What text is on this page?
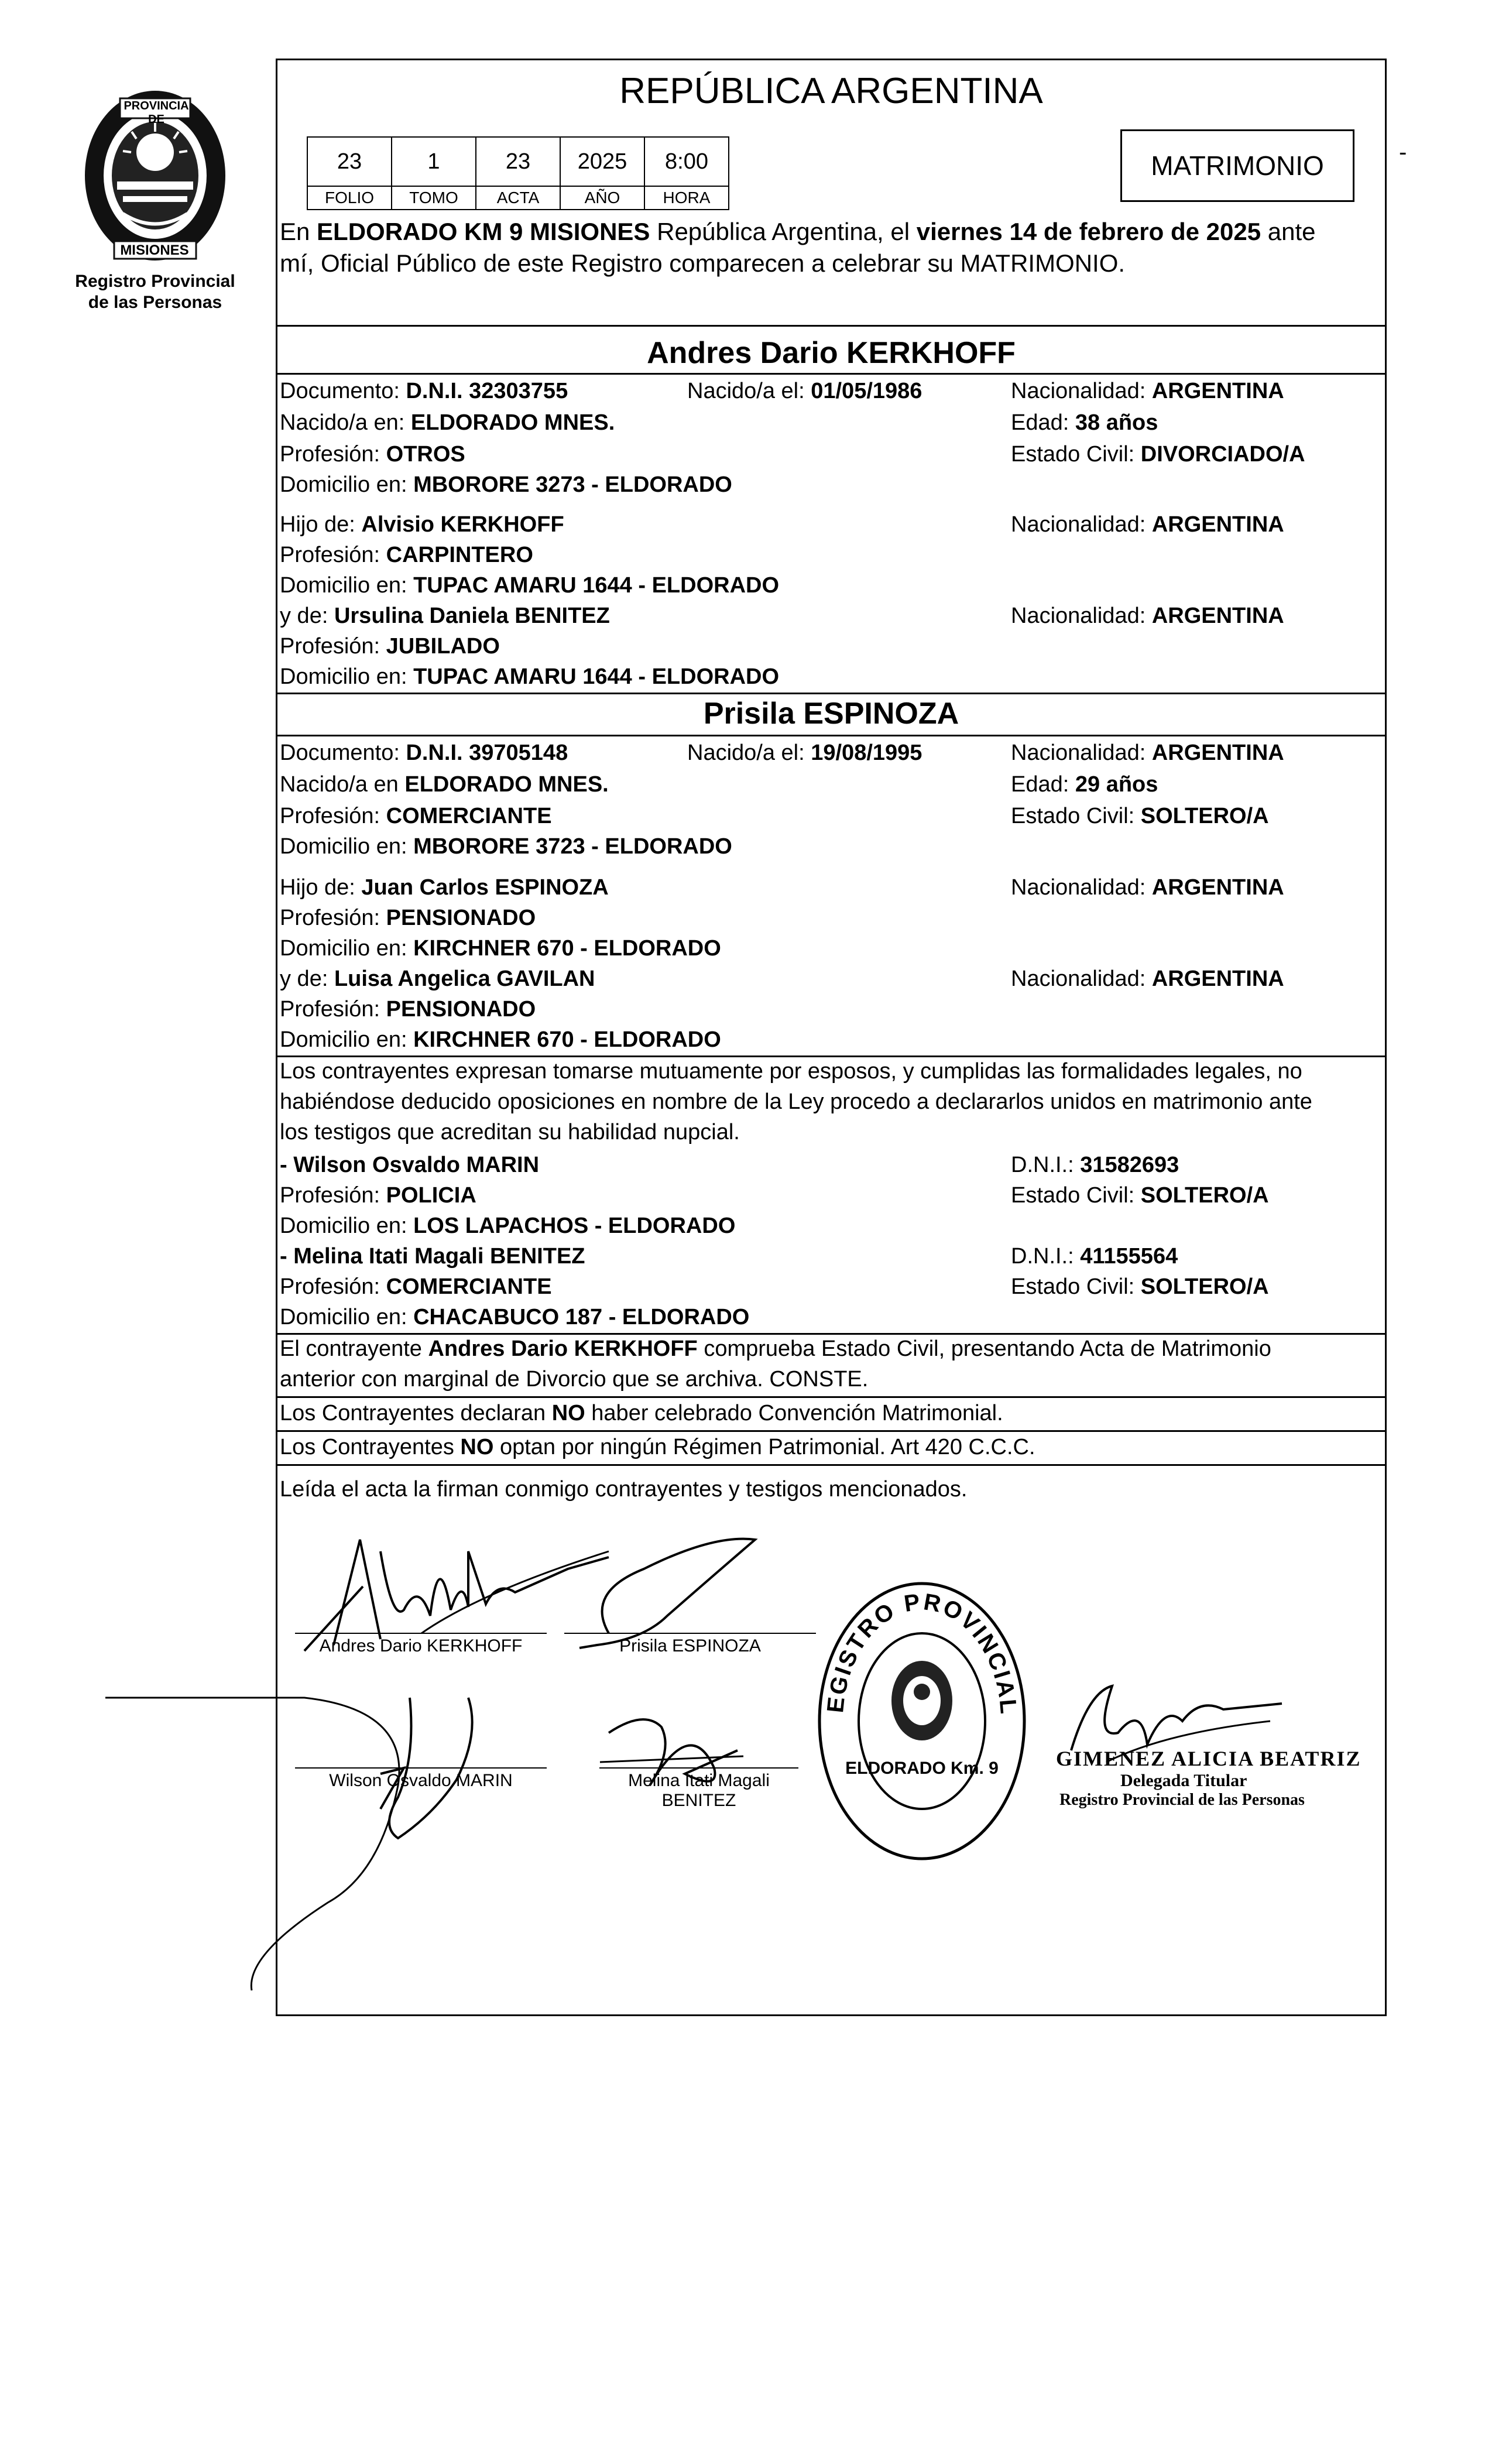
Registro Provincial
de las Personas
PROVINCIA DE
MISIONES
-
REPÚBLICA ARGENTINA
23	1	23	2025	8:00
FOLIO	TOMO	ACTA	AÑO	HORA
MATRIMONIO
En ELDORADO KM 9 MISIONES República Argentina, el viernes 14 de febrero de 2025 ante
mí, Oficial Público de este Registro comparecen a celebrar su MATRIMONIO.
Andres Dario KERKHOFF
Documento: D.N.I. 32303755	Nacido/a el: 01/05/1986	Nacionalidad: ARGENTINA
Nacido/a en: ELDORADO MNES.	Edad: 38 años
Profesión: OTROS	Estado Civil: DIVORCIADO/A
Domicilio en: MBORORE 3273 - ELDORADO
Hijo de: Alvisio KERKHOFF	Nacionalidad: ARGENTINA
Profesión: CARPINTERO
Domicilio en: TUPAC AMARU 1644 - ELDORADO
y de: Ursulina Daniela BENITEZ	Nacionalidad: ARGENTINA
Profesión: JUBILADO
Domicilio en: TUPAC AMARU 1644 - ELDORADO
Prisila ESPINOZA
Documento: D.N.I. 39705148	Nacido/a el: 19/08/1995	Nacionalidad: ARGENTINA
Nacido/a en ELDORADO MNES.	Edad: 29 años
Profesión: COMERCIANTE	Estado Civil: SOLTERO/A
Domicilio en: MBORORE 3723 - ELDORADO
Hijo de: Juan Carlos ESPINOZA	Nacionalidad: ARGENTINA
Profesión: PENSIONADO
Domicilio en: KIRCHNER 670 - ELDORADO
y de: Luisa Angelica GAVILAN	Nacionalidad: ARGENTINA
Profesión: PENSIONADO
Domicilio en: KIRCHNER 670 - ELDORADO
Los contrayentes expresan tomarse mutuamente por esposos, y cumplidas las formalidades legales, no
habiéndose deducido oposiciones en nombre de la Ley procedo a declararlos unidos en matrimonio ante
los testigos que acreditan su habilidad nupcial.
- Wilson Osvaldo MARIN	D.N.I.: 31582693
Profesión: POLICIA	Estado Civil: SOLTERO/A
Domicilio en: LOS LAPACHOS - ELDORADO
- Melina Itati Magali BENITEZ	D.N.I.: 41155564
Profesión: COMERCIANTE	Estado Civil: SOLTERO/A
Domicilio en: CHACABUCO 187 - ELDORADO
El contrayente Andres Dario KERKHOFF comprueba Estado Civil, presentando Acta de Matrimonio
anterior con marginal de Divorcio que se archiva. CONSTE.
Los Contrayentes declaran NO haber celebrado Convención Matrimonial.
Los Contrayentes NO optan por ningún Régimen Patrimonial. Art 420 C.C.C.
Leída el acta la firman conmigo contrayentes y testigos mencionados.
Andres Dario KERKHOFF	Prisila ESPINOZA
Wilson Osvaldo MARIN	Melina Itati Magali
BENITEZ
GIMENEZ ALICIA BEATRIZ
Delegada Titular
Registro Provincial de las Personas
DELEGACION DEL REGISTRO PROVINCIAL DE LAS PERSONAS
ELDORADO Km. 9
